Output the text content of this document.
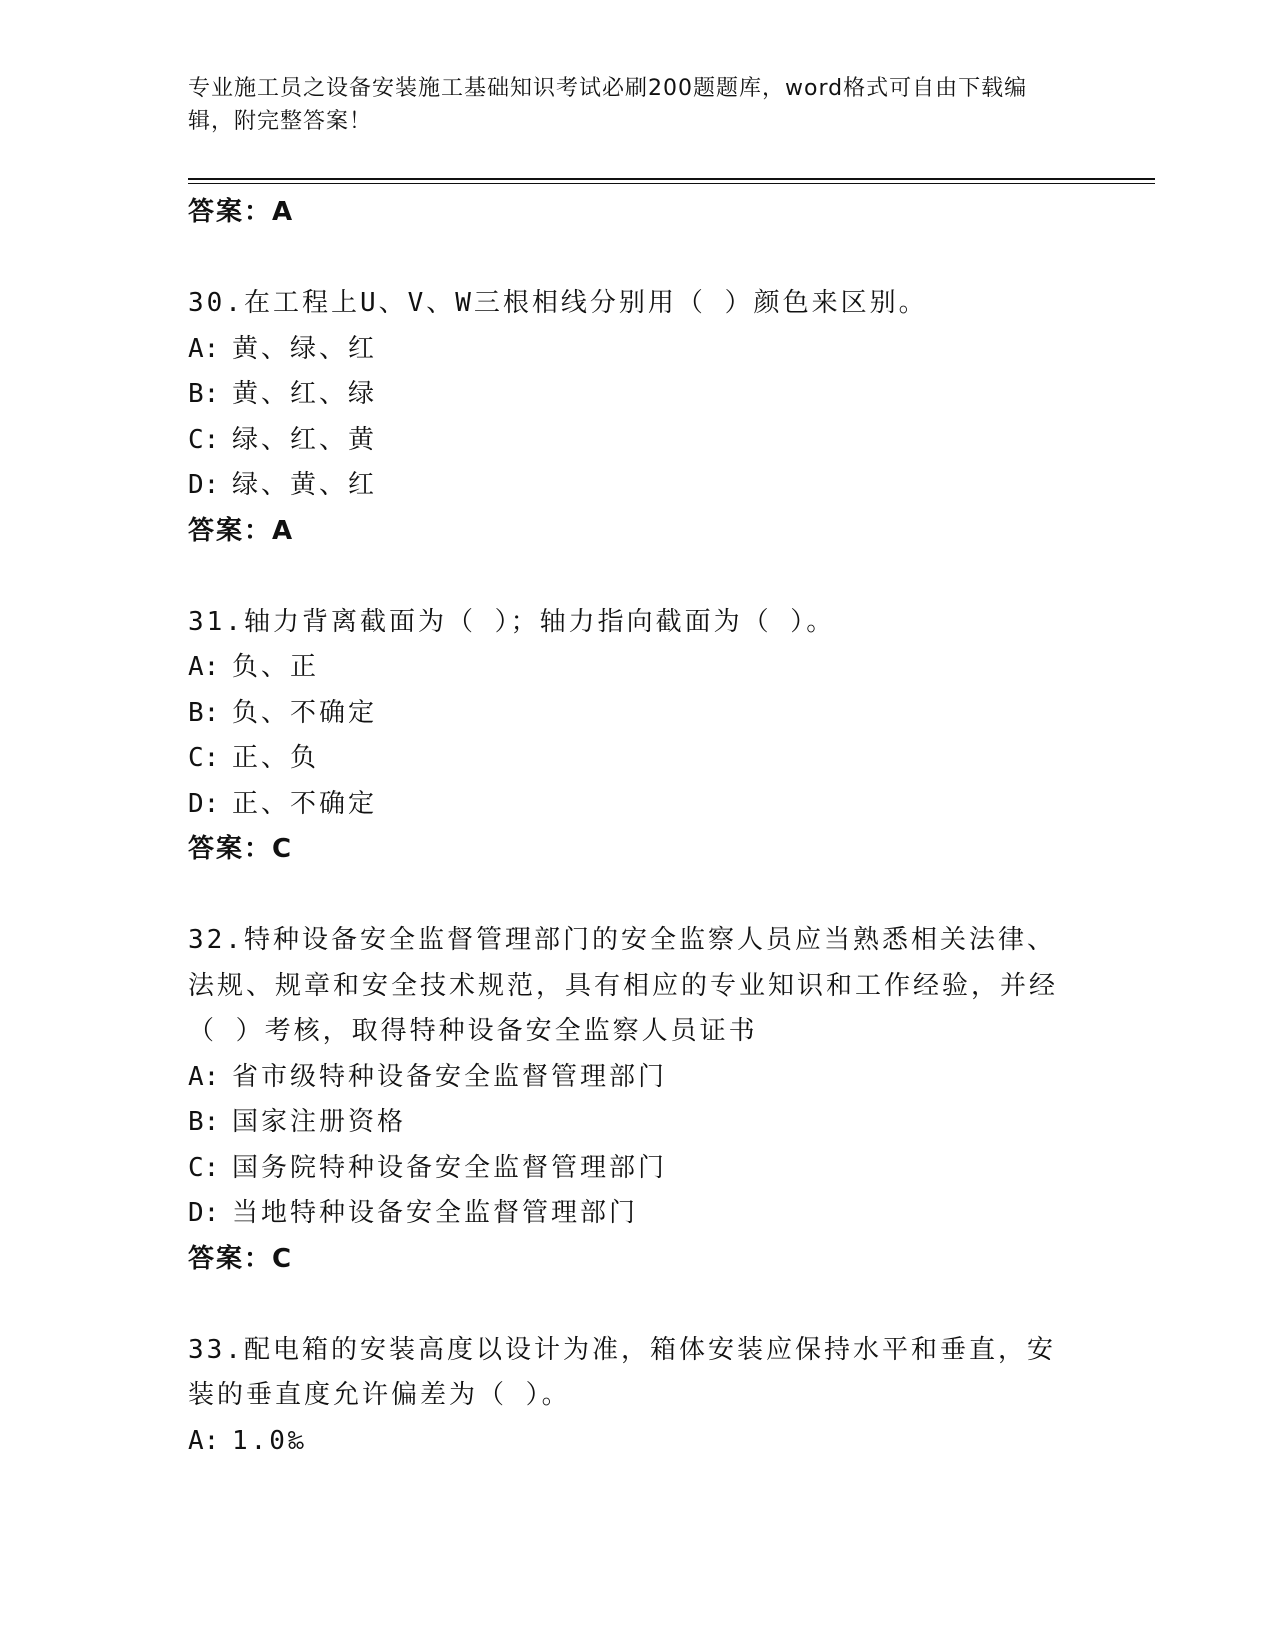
专业施工员之设备安装施工基础知识考试必刷200题题库，word格式可自由下载编辑，附完整答案！
答案：A
30.在工程上U、V、W三根相线分别用（ ）颜色来区别。
A: 黄、绿、红
B: 黄、红、绿
C: 绿、红、黄
D: 绿、黄、红
答案：A
31.轴力背离截面为（ ）；轴力指向截面为（ ）。
A: 负、正
B: 负、不确定
C: 正、负
D: 正、不确定
答案：C
32.特种设备安全监督管理部门的安全监察人员应当熟悉相关法律、法规、规章和安全技术规范，具有相应的专业知识和工作经验，并经（ ）考核，取得特种设备安全监察人员证书
A: 省市级特种设备安全监督管理部门
B: 国家注册资格
C: 国务院特种设备安全监督管理部门
D: 当地特种设备安全监督管理部门
答案：C
33.配电箱的安装高度以设计为准，箱体安装应保持水平和垂直，安装的垂直度允许偏差为（ ）。
A: 1.0‰
